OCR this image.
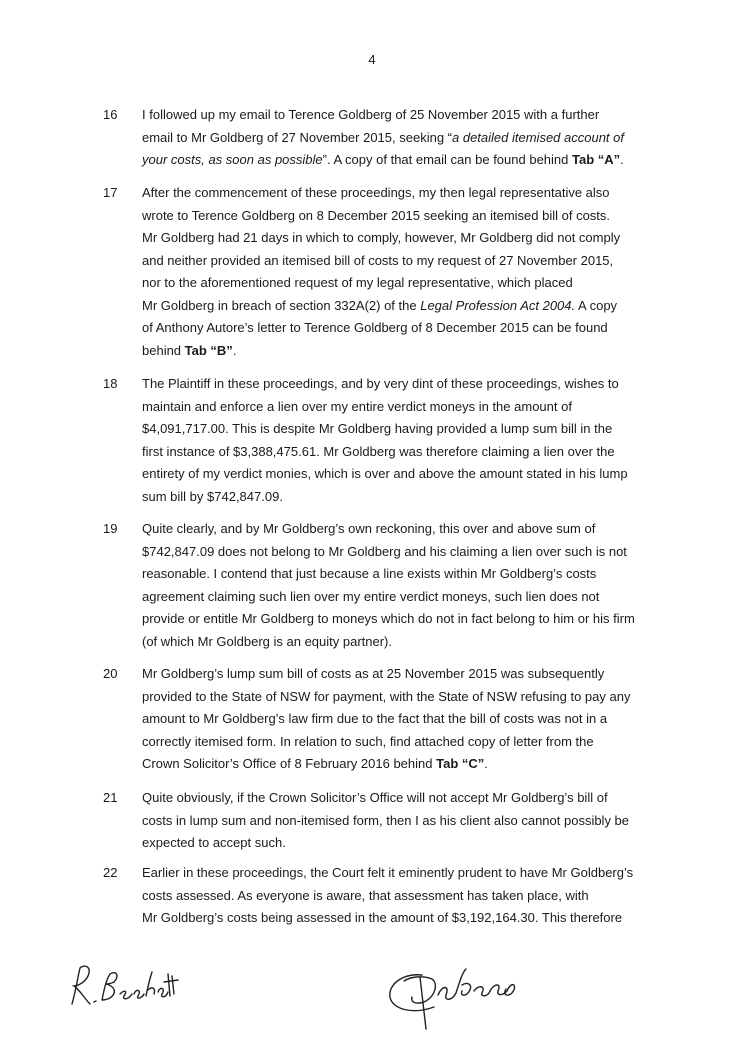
4
16 I followed up my email to Terence Goldberg of 25 November 2015 with a further
email to Mr Goldberg of 27 November 2015, seeking “a detailed itemised account of
your costs, as soon as possible”. A copy of that email can be found behind Tab “A”.
17 After the commencement of these proceedings, my then legal representative also
wrote to Terence Goldberg on 8 December 2015 seeking an itemised bill of costs.
Mr Goldberg had 21 days in which to comply, however, Mr Goldberg did not comply
and neither provided an itemised bill of costs to my request of 27 November 2015,
nor to the aforementioned request of my legal representative, which placed
Mr Goldberg in breach of section 332A(2) of the Legal Profession Act 2004. A copy
of Anthony Autore’s letter to Terence Goldberg of 8 December 2015 can be found
behind Tab “B”.
18 The Plaintiff in these proceedings, and by very dint of these proceedings, wishes to
maintain and enforce a lien over my entire verdict moneys in the amount of
$4,091,717.00. This is despite Mr Goldberg having provided a lump sum bill in the
first instance of $3,388,475.61. Mr Goldberg was therefore claiming a lien over the
entirety of my verdict monies, which is over and above the amount stated in his lump
sum bill by $742,847.09.
19 Quite clearly, and by Mr Goldberg’s own reckoning, this over and above sum of
$742,847.09 does not belong to Mr Goldberg and his claiming a lien over such is not
reasonable. I contend that just because a line exists within Mr Goldberg’s costs
agreement claiming such lien over my entire verdict moneys, such lien does not
provide or entitle Mr Goldberg to moneys which do not in fact belong to him or his firm
(of which Mr Goldberg is an equity partner).
20 Mr Goldberg’s lump sum bill of costs as at 25 November 2015 was subsequently
provided to the State of NSW for payment, with the State of NSW refusing to pay any
amount to Mr Goldberg’s law firm due to the fact that the bill of costs was not in a
correctly itemised form. In relation to such, find attached copy of letter from the
Crown Solicitor’s Office of 8 February 2016 behind Tab “C”.
21 Quite obviously, if the Crown Solicitor’s Office will not accept Mr Goldberg’s bill of
costs in lump sum and non-itemised form, then I as his client also cannot possibly be
expected to accept such.
22 Earlier in these proceedings, the Court felt it eminently prudent to have Mr Goldberg’s
costs assessed. As everyone is aware, that assessment has taken place, with
Mr Goldberg’s costs being assessed in the amount of $3,192,164.30. This therefore
